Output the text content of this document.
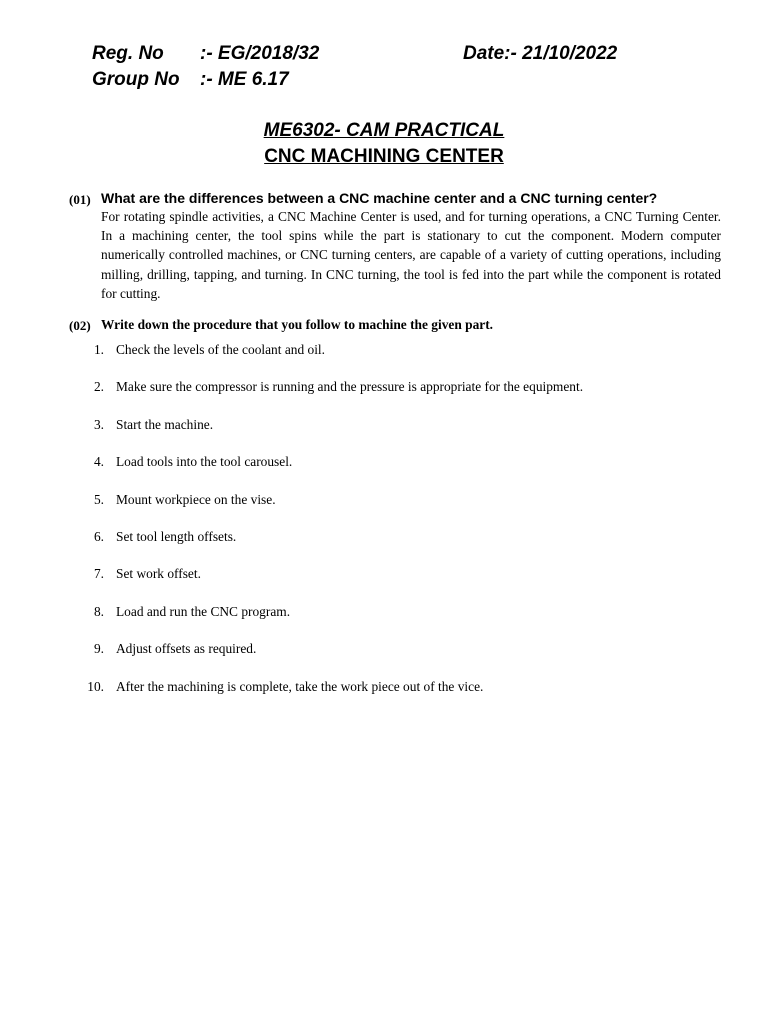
Reg. No :- EG/2018/32	Date:- 21/10/2022
Group No :- ME 6.17
ME6302- CAM PRACTICAL
CNC MACHINING CENTER
(01) What are the differences between a CNC machine center and a CNC turning center?
For rotating spindle activities, a CNC Machine Center is used, and for turning operations, a CNC Turning Center. In a machining center, the tool spins while the part is stationary to cut the component. Modern computer numerically controlled machines, or CNC turning centers, are capable of a variety of cutting operations, including milling, drilling, tapping, and turning. In CNC turning, the tool is fed into the part while the component is rotated for cutting.
(02) Write down the procedure that you follow to machine the given part.
1. Check the levels of the coolant and oil.
2. Make sure the compressor is running and the pressure is appropriate for the equipment.
3. Start the machine.
4. Load tools into the tool carousel.
5. Mount workpiece on the vise.
6. Set tool length offsets.
7. Set work offset.
8. Load and run the CNC program.
9. Adjust offsets as required.
10. After the machining is complete, take the work piece out of the vice.
